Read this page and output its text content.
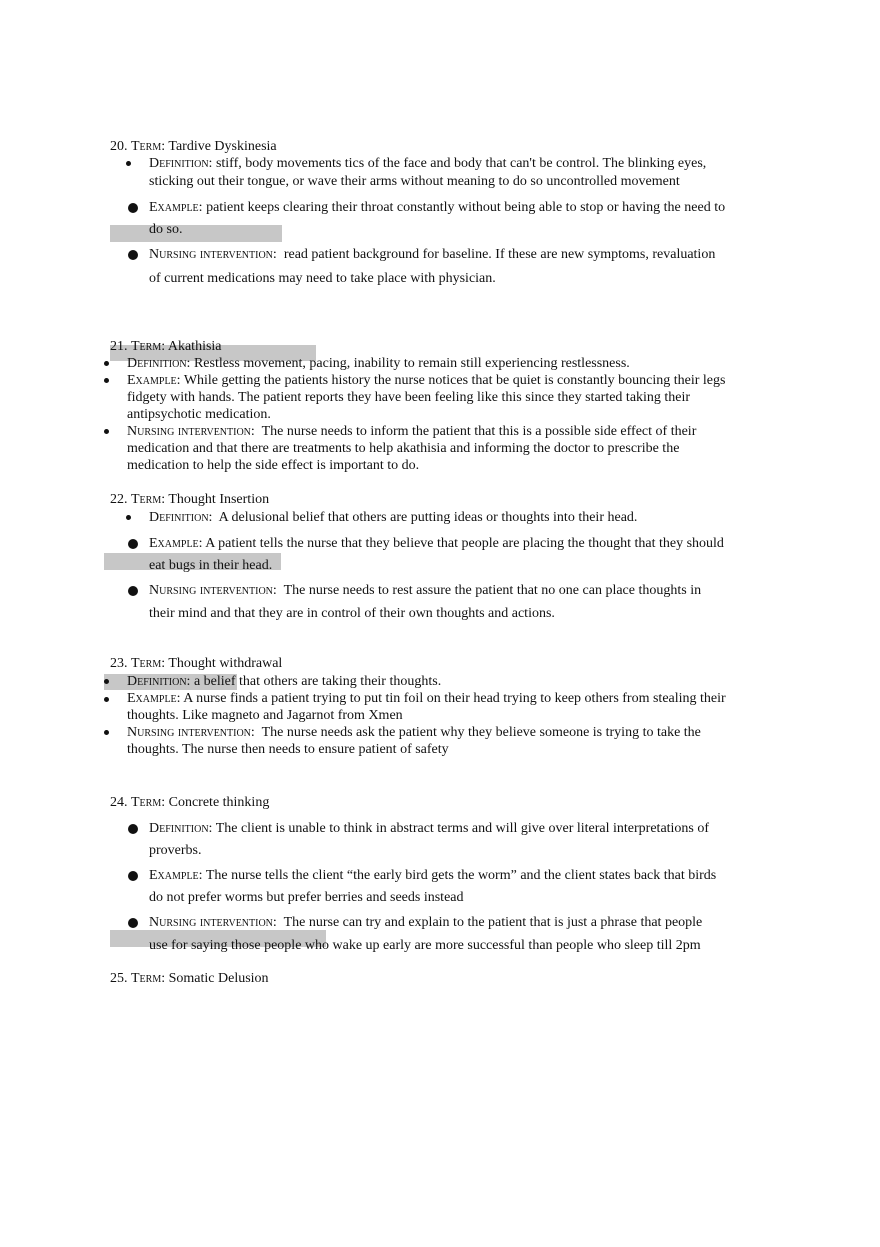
20. Term: Tardive Dyskinesia
Definition: stiff, body movements tics of the face and body that can't be control. The blinking eyes,
sticking out their tongue, or wave their arms without meaning to do so uncontrolled movement
Example: patient keeps clearing their throat constantly without being able to stop or having the need to
do so.
Nursing intervention:  read patient background for baseline. If these are new symptoms, revaluation
of current medications may need to take place with physician.
21. Term: Akathisia
Definition: Restless movement, pacing, inability to remain still experiencing restlessness.
Example: While getting the patients history the nurse notices that be quiet is constantly bouncing their legs
fidgety with hands. The patient reports they have been feeling like this since they started taking their
antipsychotic medication.
Nursing intervention:  The nurse needs to inform the patient that this is a possible side effect of their
medication and that there are treatments to help akathisia and informing the doctor to prescribe the
medication to help the side effect is important to do.
22. Term: Thought Insertion
Definition:  A delusional belief that others are putting ideas or thoughts into their head.
Example: A patient tells the nurse that they believe that people are placing the thought that they should
eat bugs in their head.
Nursing intervention:  The nurse needs to rest assure the patient that no one can place thoughts in
their mind and that they are in control of their own thoughts and actions.
23. Term: Thought withdrawal
Definition: a belief that others are taking their thoughts.
Example: A nurse finds a patient trying to put tin foil on their head trying to keep others from stealing their
thoughts. Like magneto and Jagarnot from Xmen
Nursing intervention:  The nurse needs ask the patient why they believe someone is trying to take the
thoughts. The nurse then needs to ensure patient of safety
24. Term: Concrete thinking
Definition: The client is unable to think in abstract terms and will give over literal interpretations of
proverbs.
Example: The nurse tells the client “the early bird gets the worm” and the client states back that birds
do not prefer worms but prefer berries and seeds instead
Nursing intervention:  The nurse can try and explain to the patient that is just a phrase that people
use for saying those people who wake up early are more successful than people who sleep till 2pm
25. Term: Somatic Delusion
